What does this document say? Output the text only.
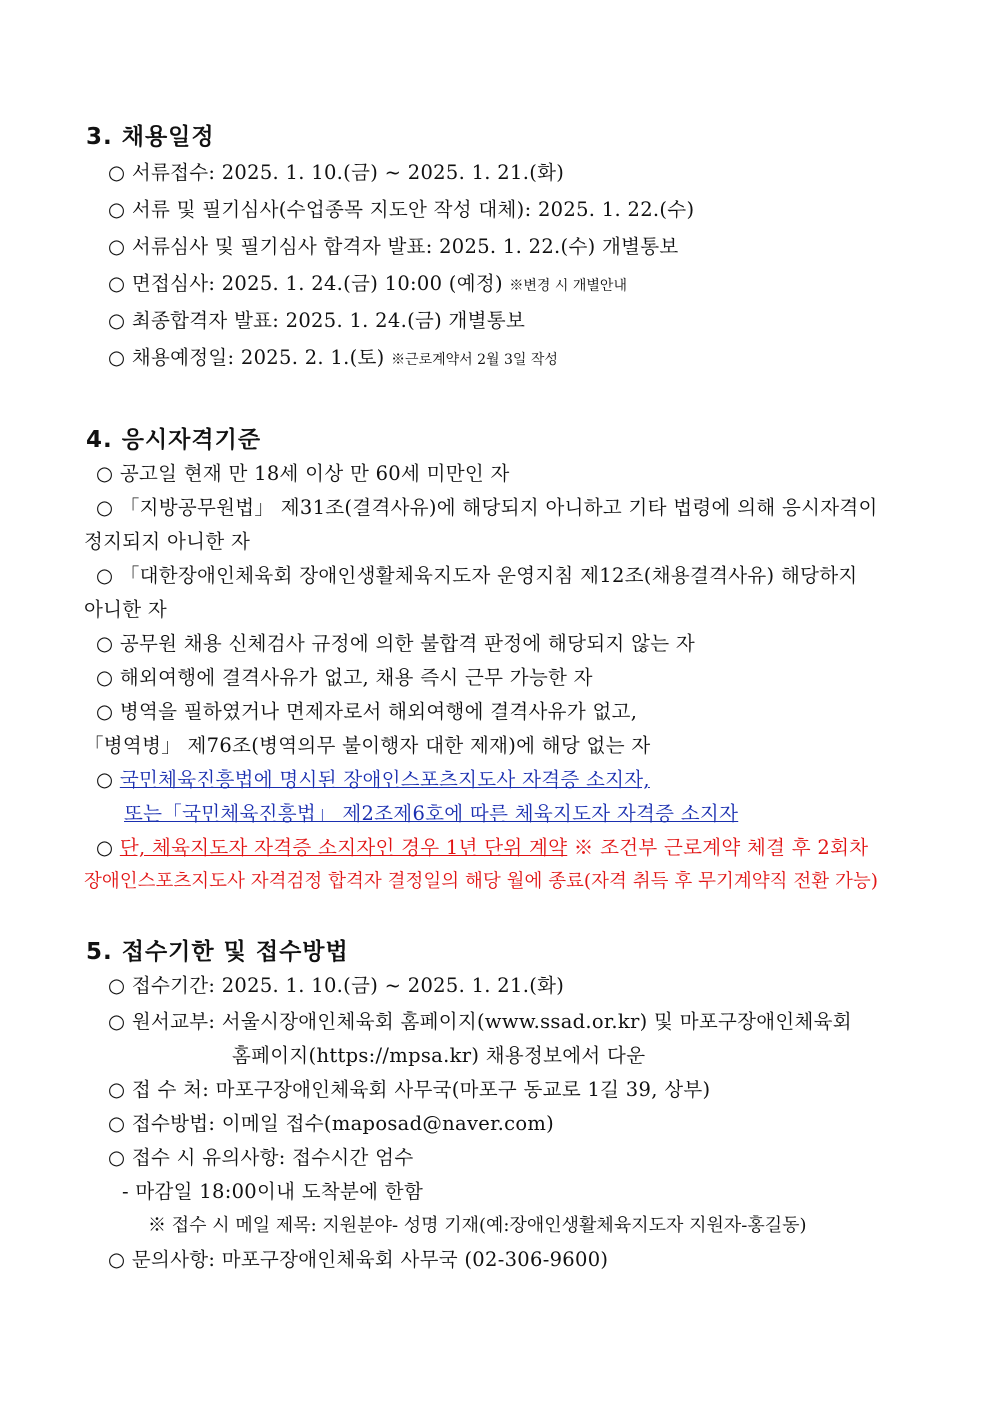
3. 채용일정
○ 서류접수: 2025. 1. 10.(금) ~ 2025. 1. 21.(화)
○ 서류 및 필기심사(수업종목 지도안 작성 대체): 2025. 1. 22.(수)
○ 서류심사 및 필기심사 합격자 발표: 2025. 1. 22.(수) 개별통보
○ 면접심사: 2025. 1. 24.(금) 10:00 (예정) ※변경 시 개별안내
○ 최종합격자 발표: 2025. 1. 24.(금) 개별통보
○ 채용예정일: 2025. 2. 1.(토) ※근로계약서 2월 3일 작성
4. 응시자격기준
○ 공고일 현재 만 18세 이상 만 60세 미만인 자
○ 「지방공무원법」 제31조(결격사유)에 해당되지 아니하고 기타 법령에 의해 응시자격이
정지되지 아니한 자
○ 「대한장애인체육회 장애인생활체육지도자 운영지침 제12조(채용결격사유) 해당하지
아니한 자
○ 공무원 채용 신체검사 규정에 의한 불합격 판정에 해당되지 않는 자
○ 해외여행에 결격사유가 없고, 채용 즉시 근무 가능한 자
○ 병역을 필하였거나 면제자로서 해외여행에 결격사유가 없고,
「병역병」 제76조(병역의무 불이행자 대한 제재)에 해당 없는 자
○ 국민체육진흥법에 명시된 장애인스포츠지도사 자격증 소지자,
또는「국민체육진흥법」 제2조제6호에 따른 체육지도자 자격증 소지자
○ 단, 체육지도자 자격증 소지자인 경우 1년 단위 계약 ※ 조건부 근로계약 체결 후 2회차
장애인스포츠지도사 자격검정 합격자 결정일의 해당 월에 종료(자격 취득 후 무기계약직 전환 가능)
5. 접수기한 및 접수방법
○ 접수기간: 2025. 1. 10.(금) ~ 2025. 1. 21.(화)
○ 원서교부: 서울시장애인체육회 홈페이지(www.ssad.or.kr) 및 마포구장애인체육회
홈페이지(https://mpsa.kr) 채용정보에서 다운
○ 접 수 처: 마포구장애인체육회 사무국(마포구 동교로 1길 39, 상부)
○ 접수방법: 이메일 접수(maposad@naver.com)
○ 접수 시 유의사항: 접수시간 엄수
- 마감일 18:00이내 도착분에 한함
※ 접수 시 메일 제목: 지원분야- 성명 기재(예:장애인생활체육지도자 지원자-홍길동)
○ 문의사항: 마포구장애인체육회 사무국 (02-306-9600)
